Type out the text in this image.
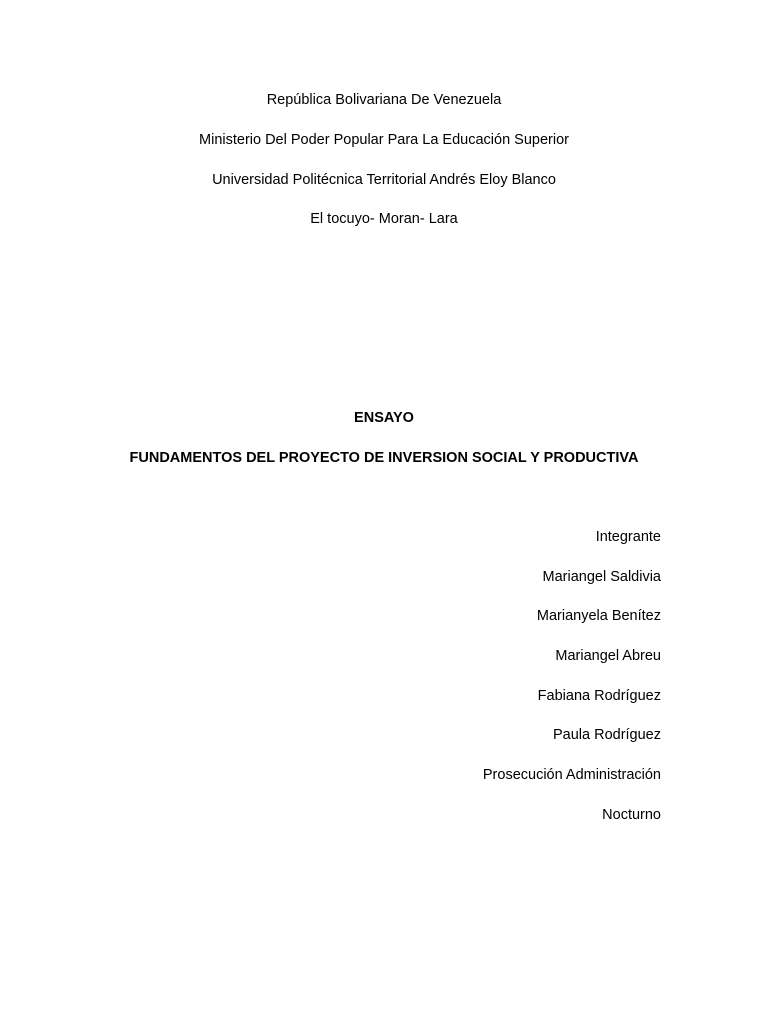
República Bolivariana De Venezuela
Ministerio Del Poder Popular Para La Educación Superior
Universidad Politécnica Territorial Andrés Eloy Blanco
El tocuyo- Moran- Lara
ENSAYO
FUNDAMENTOS DEL PROYECTO DE INVERSION SOCIAL Y PRODUCTIVA
Integrante
Mariangel Saldivia
Marianyela Benítez
Mariangel Abreu
Fabiana Rodríguez
Paula Rodríguez
Prosecución Administración
Nocturno
